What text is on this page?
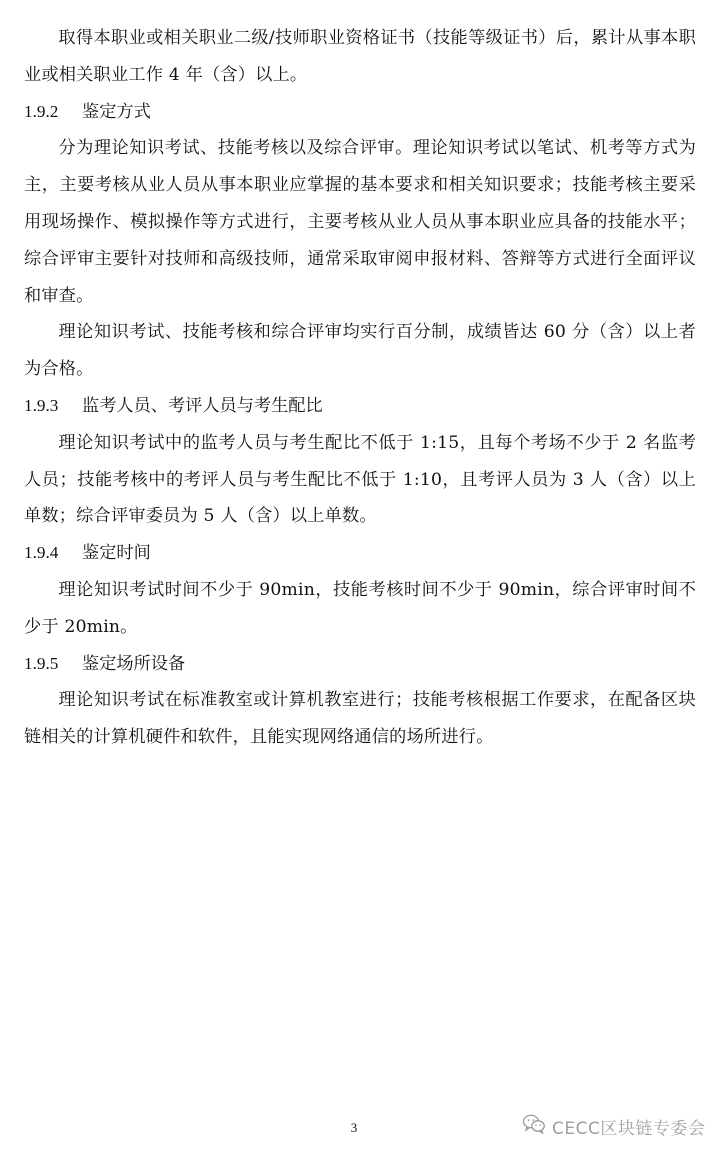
取得本职业或相关职业二级/技师职业资格证书（技能等级证书）后，累计从事本职业或相关职业工作 4 年（含）以上。

1.9.2	鉴定方式

分为理论知识考试、技能考核以及综合评审。理论知识考试以笔试、机考等方式为主，主要考核从业人员从事本职业应掌握的基本要求和相关知识要求；技能考核主要采用现场操作、模拟操作等方式进行，主要考核从业人员从事本职业应具备的技能水平；综合评审主要针对技师和高级技师，通常采取审阅申报材料、答辩等方式进行全面评议和审查。

理论知识考试、技能考核和综合评审均实行百分制，成绩皆达 60 分（含）以上者为合格。

1.9.3	监考人员、考评人员与考生配比

理论知识考试中的监考人员与考生配比不低于 1:15，且每个考场不少于 2 名监考人员；技能考核中的考评人员与考生配比不低于 1:10，且考评人员为 3 人（含）以上单数；综合评审委员为 5 人（含）以上单数。

1.9.4	鉴定时间

理论知识考试时间不少于 90min，技能考核时间不少于 90min，综合评审时间不少于 20min。

1.9.5	鉴定场所设备

理论知识考试在标准教室或计算机教室进行；技能考核根据工作要求，在配备区块链相关的计算机硬件和软件，且能实现网络通信的场所进行。

3	CECC区块链专委会
